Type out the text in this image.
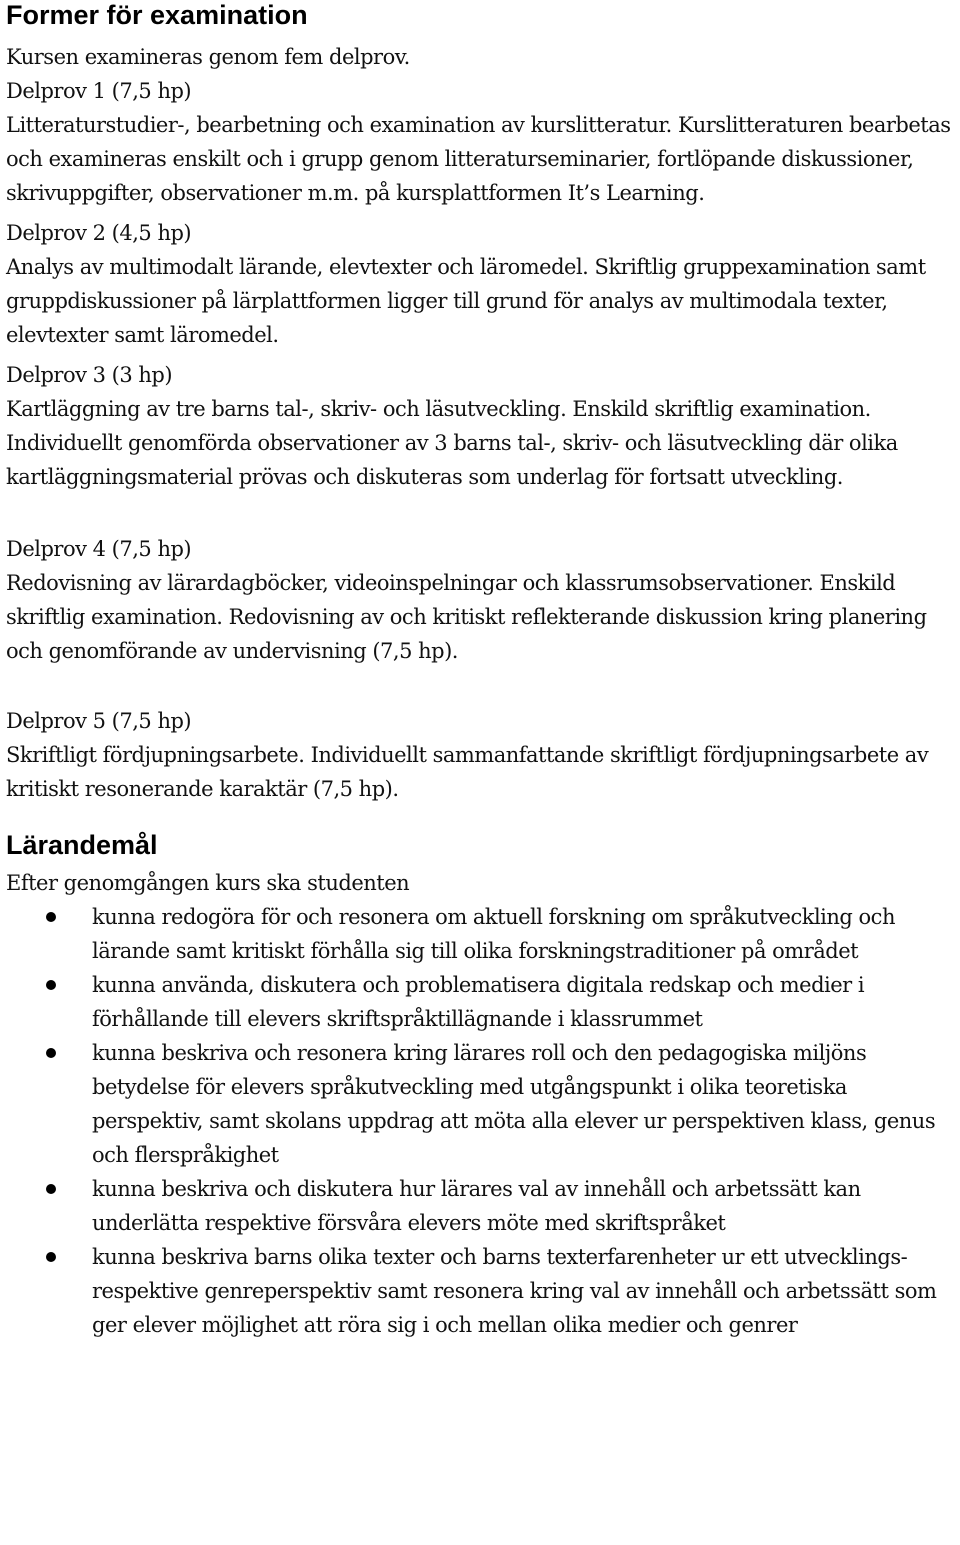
Former för examination

Kursen examineras genom fem delprov.

Delprov 1 (7,5 hp)

Litteraturstudier-, bearbetning och examination av kurslitteratur. Kurslitteraturen bearbetas och examineras enskilt och i grupp genom litteraturseminarier, fortlöpande diskussioner, skrivuppgifter, observationer m.m. på kursplattformen It’s Learning.

Delprov 2 (4,5 hp)

Analys av multimodalt lärande, elevtexter och läromedel. Skriftlig gruppexamination samt gruppdiskussioner på lärplattformen ligger till grund för analys av multimodala texter, elevtexter samt läromedel.

Delprov 3 (3 hp)

Kartläggning av tre barns tal-, skriv- och läsutveckling. Enskild skriftlig examination. Individuellt genomförda observationer av 3 barns tal-, skriv- och läsutveckling där olika kartläggningsmaterial prövas och diskuteras som underlag för fortsatt utveckling.

Delprov 4 (7,5 hp)

Redovisning av lärardagböcker, videoinspelningar och klassrumsobservationer. Enskild skriftlig examination. Redovisning av och kritiskt reflekterande diskussion kring planering och genomförande av undervisning (7,5 hp).

Delprov 5 (7,5 hp)

Skriftligt fördjupningsarbete. Individuellt sammanfattande skriftligt fördjupningsarbete av kritiskt resonerande karaktär (7,5 hp).

Lärandemål

Efter genomgången kurs ska studenten

kunna redogöra för och resonera om aktuell forskning om språkutveckling och lärande samt kritiskt förhålla sig till olika forskningstraditioner på området
kunna använda, diskutera och problematisera digitala redskap och medier i förhållande till elevers skriftspråktillägnande i klassrummet
kunna beskriva och resonera kring lärares roll och den pedagogiska miljöns betydelse för elevers språkutveckling med utgångspunkt i olika teoretiska perspektiv, samt skolans uppdrag att möta alla elever ur perspektiven klass, genus och flerspråkighet
kunna beskriva och diskutera hur lärares val av innehåll och arbetssätt kan underlätta respektive försvåra elevers möte med skriftspråket
kunna beskriva barns olika texter och barns texterfarenheter ur ett utvecklings- respektive genreperspektiv samt resonera kring val av innehåll och arbetssätt som ger elever möjlighet att röra sig i och mellan olika medier och genrer
